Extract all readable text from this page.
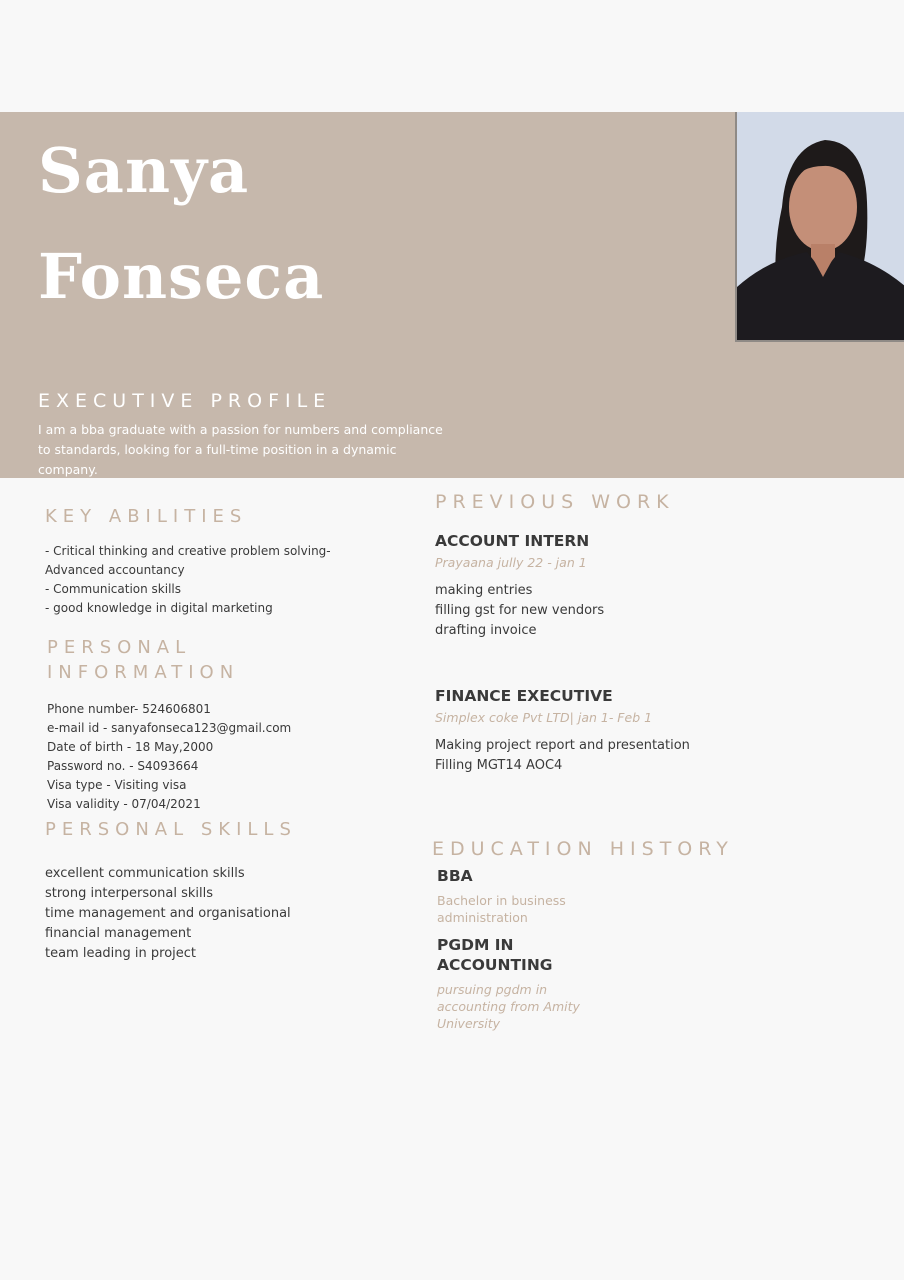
Sanya
Fonseca
EXECUTIVE PROFILE

I am a bba graduate with a passion for numbers and compliance to standards, looking for a full-time position in a dynamic company.

KEY ABILITIES
- Critical thinking and creative problem solving-
Advanced accountancy
- Communication skills
- good knowledge in digital marketing
PERSONAL
INFORMATION
Phone number- 524606801
e-mail id - sanyafonseca123@gmail.com
Date of birth - 18 May,2000
Password no. - S4093664
Visa type - Visiting visa
Visa validity - 07/04/2021
PERSONAL SKILLS
excellent communication skills
strong interpersonal skills
time management and organisational
financial management
team leading in project
PREVIOUS WORK
ACCOUNT INTERN
Prayaana jully 22 - jan 1
making entries
filling gst for new vendors
drafting invoice
FINANCE EXECUTIVE
Simplex coke Pvt LTD| jan 1- Feb 1
Making project report and presentation
Filling MGT14 AOC4
EDUCATION HISTORY
BBA
Bachelor in business
administration
PGDM IN
ACCOUNTING
pursuing pgdm in
accounting from Amity
University
